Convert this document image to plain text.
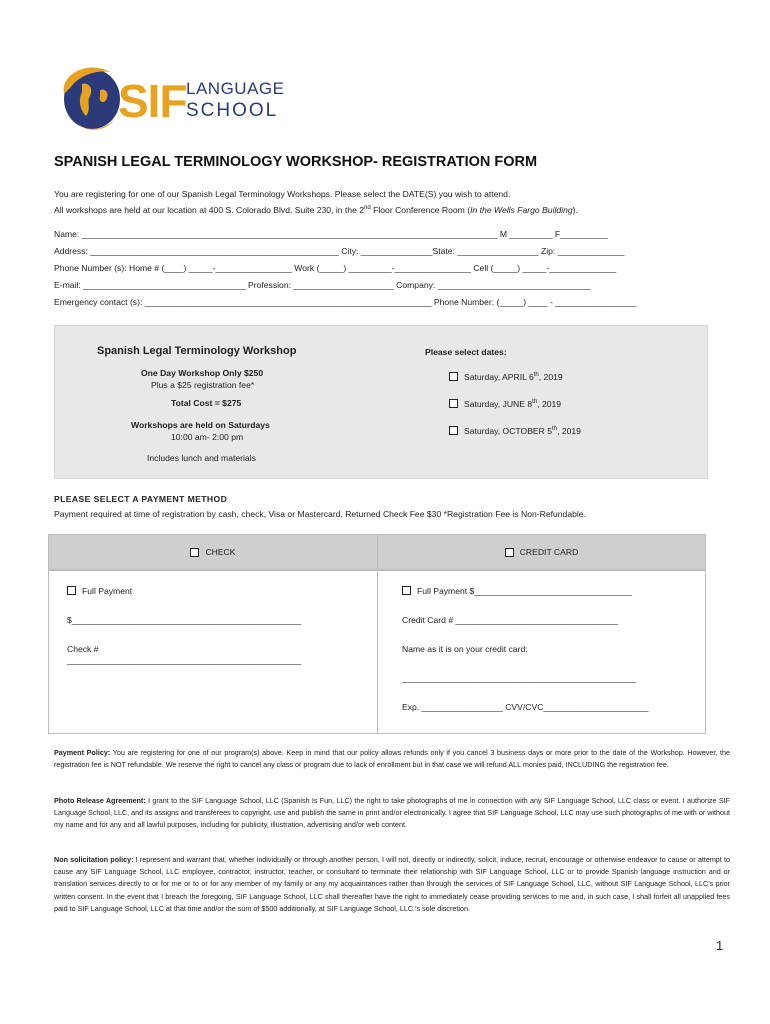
SIF LANGUAGE
SCHOOL
SPANISH LEGAL TERMINOLOGY WORKSHOP- REGISTRATION FORM
You are registering for one of our Spanish Legal Terminology Workshops. Please select the DATE(S) you wish to attend.
All workshops are held at our location at 400 S. Colorado Blvd. Suite 230, in the 2nd Floor Conference Room (In the Wells Fargo Building).
Name: _______________________________________________________________________________________ M _________ F__________
Address: ____________________________________________________ City: _______________State: _________________ Zip: ______________
Phone Number (s): Home # (____) _____-________________ Work (_____) _________-________________ Cell (_____) _____-______________
E-mail: __________________________________ Profession: _____________________ Company: ________________________________
Emergency contact (s): ____________________________________________________________ Phone Number: (_____) ____ - _________________
Spanish Legal Terminology Workshop
One Day Workshop Only $250
Plus a $25 registration fee*
Total Cost = $275
Workshops are held on Saturdays
10:00 am- 2:00 pm
Includes lunch and materials
Please select dates:
Saturday, APRIL 6th, 2019
Saturday, JUNE 8th, 2019
Saturday, OCTOBER 5th, 2019
PLEASE SELECT A PAYMENT METHOD
Payment required at time of registration by cash, check, Visa or Mastercard. Returned Check Fee $30 *Registration Fee is Non-Refundable.
CHECK	CREDIT CARD
Full Payment
$________________________________________________
Check #
_________________________________________________
Full Payment $_________________________________
Credit Card # __________________________________
Name as it is on your credit card:
_________________________________________________
Exp. _________________ CVV/CVC______________________
Payment Policy: You are registering for one of our program(s) above. Keep in mind that our policy allows refunds only if you cancel 3 business days or more prior to the date of the Workshop. However, the registration fee is NOT refundable. We reserve the right to cancel any class or program due to lack of enrollment but in that case we will refund ALL monies paid, INCLUDING the registration fee.
Photo Release Agreement: I grant to the SIF Language School, LLC (Spanish Is Fun, LLC) the right to take photographs of me in connection with any SIF Language School, LLC class or event. I authorize SIF Language School, LLC, and its assigns and transferees to copyright, use and publish the same in print and/or electronically. I agree that SIF Language School, LLC may use such photographs of me with or without my name and for any and all lawful purposes, including for publicity, illustration, advertising and/or web content.
Non solicitation policy: I represent and warrant that, whether individually or through another person, I will not, directly or indirectly, solicit, induce, recruit, encourage or otherwise endeavor to cause or attempt to cause any SIF Language School, LLC employee, contractor, instructor, teacher, or consultant to terminate their relationship with SIF Language School, LLC or to provide Spanish language instruction and or translation services directly to or for me or to or for any member of my family or any my acquaintances rather than through the services of SIF Language School, LLC, without SIF Language School, LLC's prior written consent. In the event that I breach the foregoing, SIF Language School, LLC shall thereafter have the right to immediately cease providing services to me and, in such case, I shall forfeit all unapplied fees paid to SIF Language School, LLC at that time and/or the sum of $500 additionally, at SIF Language School, LLC 's sole discretion.
1
